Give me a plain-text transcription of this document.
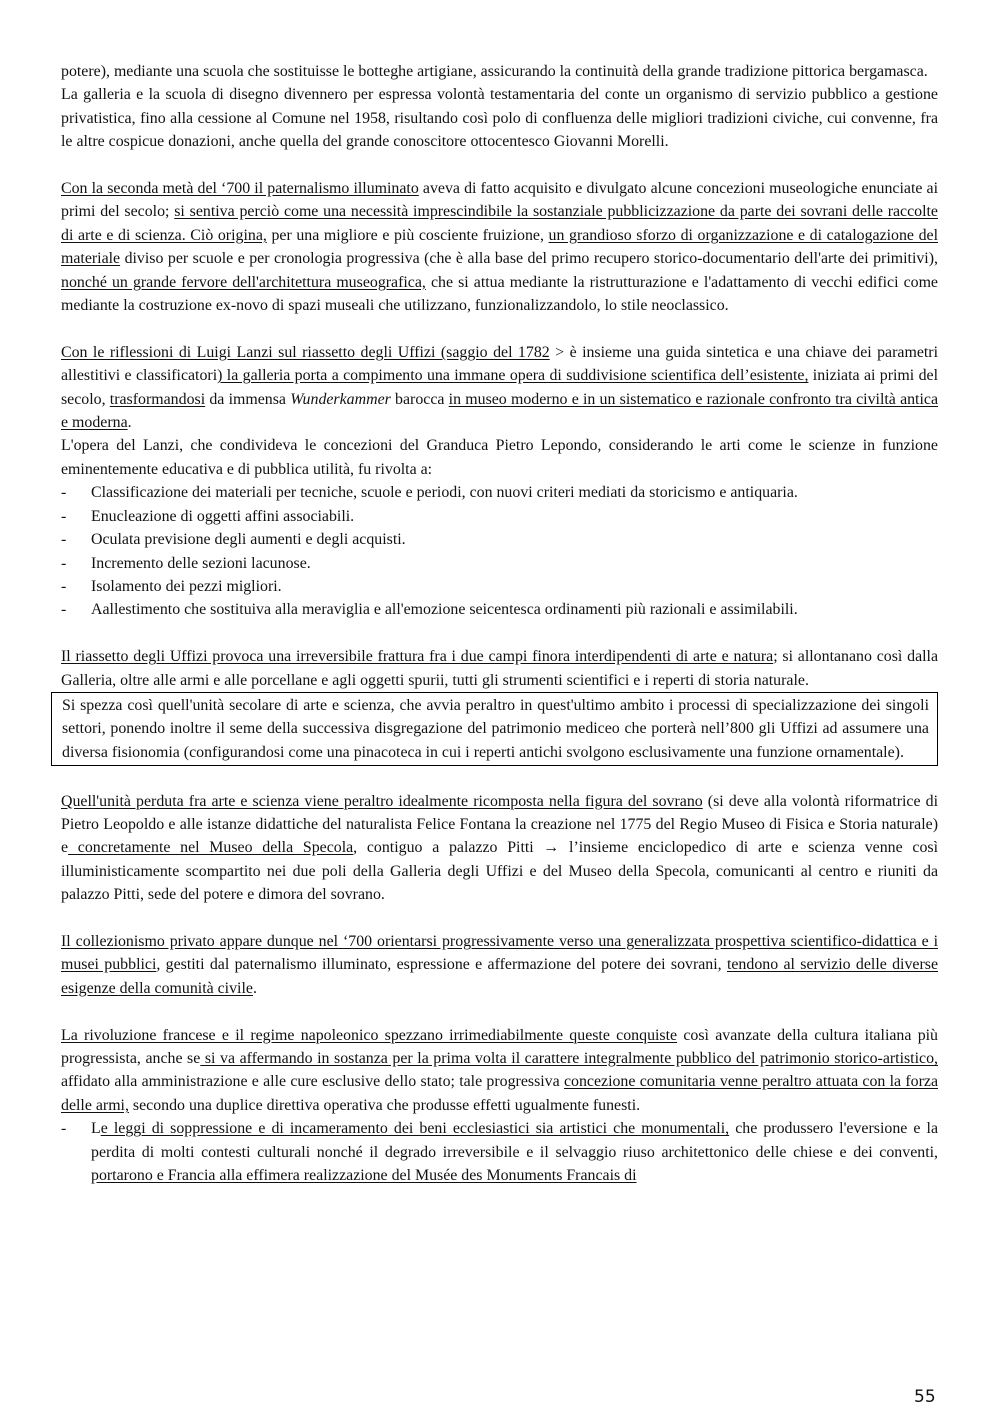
potere), mediante una scuola che sostituisse le botteghe artigiane, assicurando la continuità della grande tradizione pittorica bergamasca.

La galleria e la scuola di disegno divennero per espressa volontà testamentaria del conte un organismo di servizio pubblico a gestione privatistica, fino alla cessione al Comune nel 1958, risultando così polo di confluenza delle migliori tradizioni civiche, cui convenne, fra le altre cospicue donazioni, anche quella del grande conoscitore ottocentesco Giovanni Morelli.

Con la seconda metà del ‘700 il paternalismo illuminato aveva di fatto acquisito e divulgato alcune concezioni museologiche enunciate ai primi del secolo; si sentiva perciò come una necessità imprescindibile la sostanziale pubblicizzazione da parte dei sovrani delle raccolte di arte e di scienza. Ciò origina, per una migliore e più cosciente fruizione, un grandioso sforzo di organizzazione e di catalogazione del materiale diviso per scuole e per cronologia progressiva (che è alla base del primo recupero storico-documentario dell'arte dei primitivi), nonché un grande fervore dell'architettura museografica, che si attua mediante la ristrutturazione e l'adattamento di vecchi edifici come mediante la costruzione ex-novo di spazi museali che utilizzano, funzionalizzandolo, lo stile neoclassico.

Con le riflessioni di Luigi Lanzi sul riassetto degli Uffizi (saggio del 1782 > è insieme una guida sintetica e una chiave dei parametri allestitivi e classificatori) la galleria porta a compimento una immane opera di suddivisione scientifica dell’esistente, iniziata ai primi del secolo, trasformandosi da immensa Wunderkammer barocca in museo moderno e in un sistematico e razionale confronto tra civiltà antica e moderna.

L'opera del Lanzi, che condivideva le concezioni del Granduca Pietro Lepondo, considerando le arti come le scienze in funzione eminentemente educativa e di pubblica utilità, fu rivolta a:

- Classificazione dei materiali per tecniche, scuole e periodi, con nuovi criteri mediati da storicismo e antiquaria.
- Enucleazione di oggetti affini associabili.
- Oculata previsione degli aumenti e degli acquisti.
- Incremento delle sezioni lacunose.
- Isolamento dei pezzi migliori.
- Aallestimento che sostituiva alla meraviglia e all'emozione seicentesca ordinamenti più razionali e assimilabili.

Il riassetto degli Uffizi provoca una irreversibile frattura fra i due campi finora interdipendenti di arte e natura; si allontanano così dalla Galleria, oltre alle armi e alle porcellane e agli oggetti spurii, tutti gli strumenti scientifici e i reperti di storia naturale.

Si spezza così quell'unità secolare di arte e scienza, che avvia peraltro in quest'ultimo ambito i processi di specializzazione dei singoli settori, ponendo inoltre il seme della successiva disgregazione del patrimonio mediceo che porterà nell’800 gli Uffizi ad assumere una diversa fisionomia (configurandosi come una pinacoteca in cui i reperti antichi svolgono esclusivamente una funzione ornamentale).

Quell'unità perduta fra arte e scienza viene peraltro idealmente ricomposta nella figura del sovrano (si deve alla volontà riformatrice di Pietro Leopoldo e alle istanze didattiche del naturalista Felice Fontana la creazione nel 1775 del Regio Museo di Fisica e Storia naturale) e concretamente nel Museo della Specola, contiguo a palazzo Pitti → l’insieme enciclopedico di arte e scienza venne così illuministicamente scompartito nei due poli della Galleria degli Uffizi e del Museo della Specola, comunicanti al centro e riuniti da palazzo Pitti, sede del potere e dimora del sovrano.

Il collezionismo privato appare dunque nel ‘700 orientarsi progressivamente verso una generalizzata prospettiva scientifico-didattica e i musei pubblici, gestiti dal paternalismo illuminato, espressione e affermazione del potere dei sovrani, tendono al servizio delle diverse esigenze della comunità civile.

La rivoluzione francese e il regime napoleonico spezzano irrimediabilmente queste conquiste così avanzate della cultura italiana più progressista, anche se si va affermando in sostanza per la prima volta il carattere integralmente pubblico del patrimonio storico-artistico, affidato alla amministrazione e alle cure esclusive dello stato; tale progressiva concezione comunitaria venne peraltro attuata con la forza delle armi, secondo una duplice direttiva operativa che produsse effetti ugualmente funesti.

- Le leggi di soppressione e di incameramento dei beni ecclesiastici sia artistici che monumentali, che produssero l'eversione e la perdita di molti contesti culturali nonché il degrado irreversibile e il selvaggio riuso architettonico delle chiese e dei conventi, portarono e Francia alla effimera realizzazione del Musée des Monuments Francais di
55
